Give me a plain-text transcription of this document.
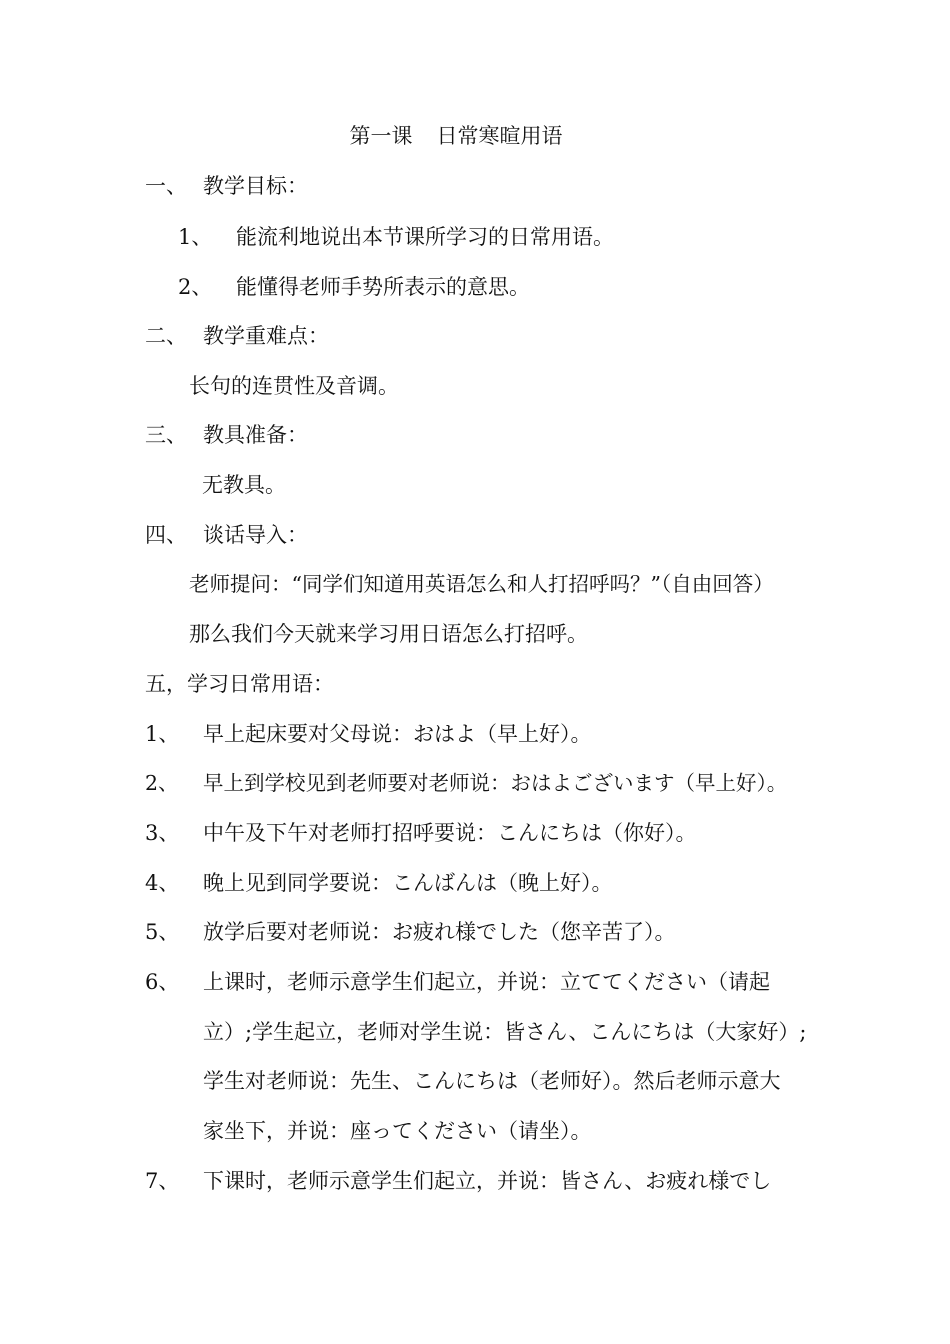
第一课 日常寒暄用语
一、 教学目标：
1、 能流利地说出本节课所学习的日常用语。
2、 能懂得老师手势所表示的意思。
二、 教学重难点：
长句的连贯性及音调。
三、 教具准备：
无教具。
四、 谈话导入：
老师提问：“同学们知道用英语怎么和人打招呼吗？”（自由回答）
那么我们今天就来学习用日语怎么打招呼。
五，学习日常用语：
1、 早上起床要对父母说：おはよ（早上好）。
2、 早上到学校见到老师要对老师说：おはよございます（早上好）。
3、 中午及下午对老师打招呼要说：こんにちは（你好）。
4、 晚上见到同学要说：こんばんは（晚上好）。
5、 放学后要对老师说：お疲れ様でした（您辛苦了）。
6、 上课时，老师示意学生们起立，并说：立ててください（请起
立）;学生起立，老师对学生说：皆さん、こんにちは（大家好）;
学生对老师说：先生、こんにちは（老师好）。然后老师示意大
家坐下，并说：座ってください（请坐）。
7、 下课时，老师示意学生们起立，并说：皆さん、お疲れ様でし
